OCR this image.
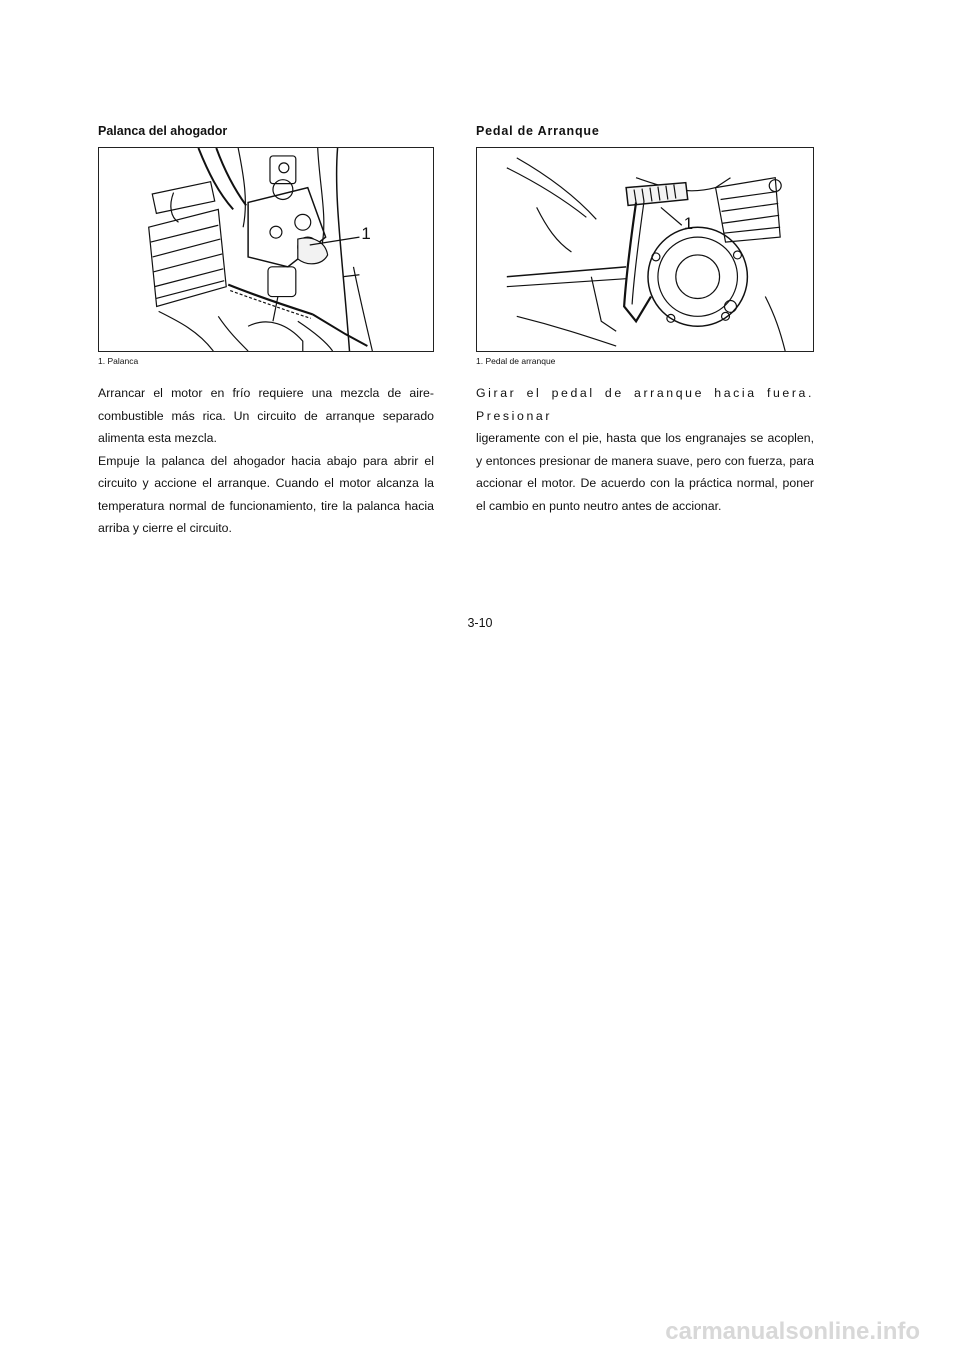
Palanca del ahogador
1
1. Palanca

Arrancar el motor en frío requiere una mezcla de aire-combustible más rica. Un circuito de arranque separado alimenta esta mezcla.

Empuje la palanca del ahogador hacia abajo para abrir el circuito y accione el arranque. Cuando el motor alcanza la temperatura normal de funcionamiento, tire la palanca hacia arriba y cierre el circuito.

Pedal de Arranque
1
1. Pedal de arranque

Girar el pedal de arranque hacia fuera. Presionar

ligeramente con el pie, hasta que los engranajes se acoplen, y entonces presionar de manera suave, pero con fuerza, para accionar el motor. De acuerdo con la práctica normal, poner el cambio en punto neutro antes de accionar.

3-10
carmanualsonline.info
